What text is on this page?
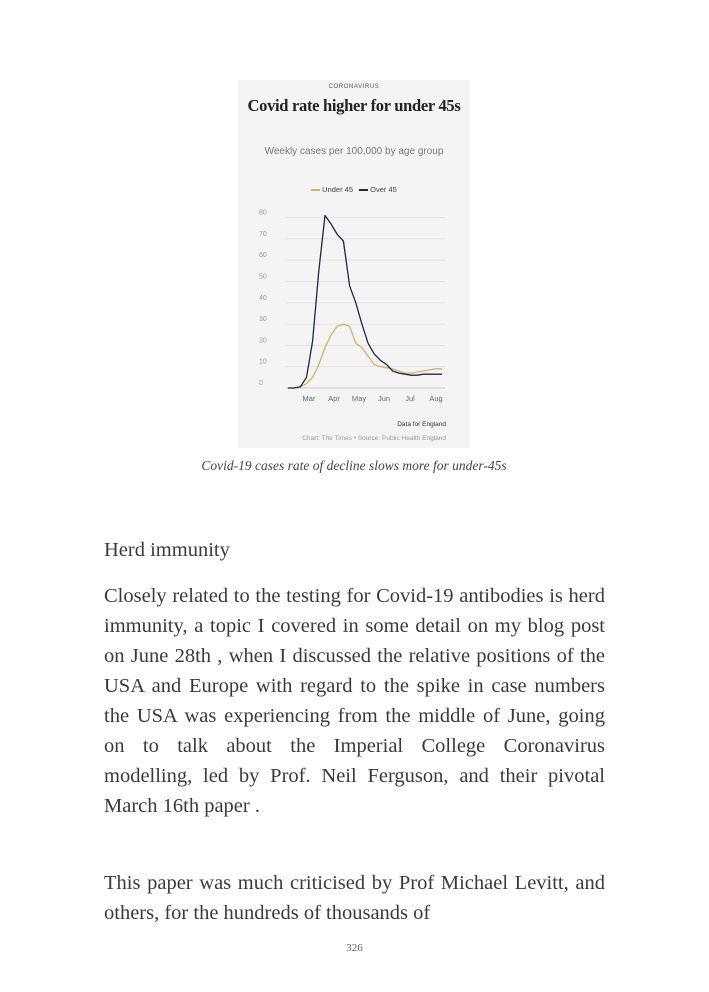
CORONAVIRUS
Covid rate higher for under 45s
Weekly cases per 100,000 by age group
Under 45 Over 45
0
10
20
30
40
50
60
70
80
Mar Apr May Jun Jul Aug
Data for England
Chart: The Times • Source: Public Health England
Covid-19 cases rate of decline slows more for under-45s
Herd immunity

Closely related to the testing for Covid-19 antibodies is herd immunity, a topic I covered in some detail on my blog post on June 28th , when I discussed the relative positions of the USA and Europe with regard to the spike in case numbers the USA was experiencing from the middle of June, going on to talk about the Imperial College Coronavirus modelling, led by Prof. Neil Ferguson, and their pivotal March 16th paper .

This paper was much criticised by Prof Michael Levitt, and others, for the hundreds of thousands of

326
